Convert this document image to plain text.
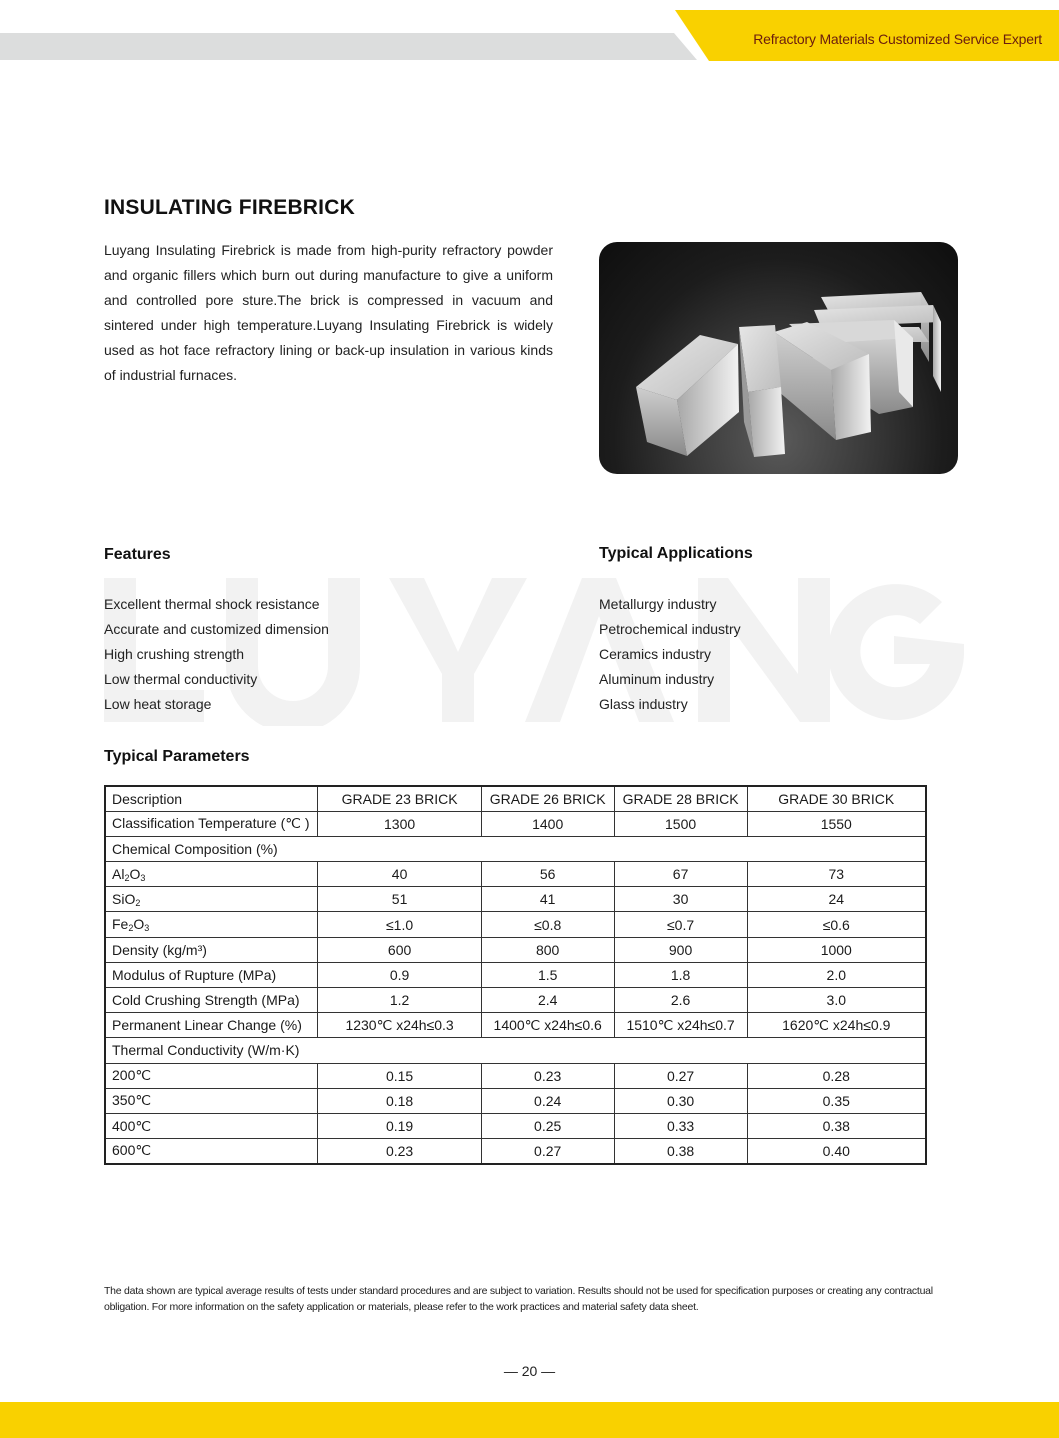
Refractory Materials Customized Service Expert
INSULATING FIREBRICK

Luyang Insulating Firebrick is made from high-purity refractory powder and organic fillers which burn out during manufacture to give a uniform and controlled pore sture.The brick is compressed in vacuum and sintered under high temperature.Luyang Insulating Firebrick is widely used as hot face refractory lining or back-up insulation in various kinds of industrial furnaces.

Features
Excellent thermal shock resistance
Accurate and customized dimension
High crushing strength
Low thermal conductivity
Low heat storage
Typical Applications
Metallurgy industry
Petrochemical industry
Ceramics industry
Aluminum industry
Glass industry
Typical Parameters
Description	GRADE 23 BRICK	GRADE 26 BRICK	GRADE 28 BRICK	GRADE 30 BRICK
Classification Temperature (℃ )	1300	1400	1500	1550
Chemical Composition (%)				
$Al_2O_3$	40	56	67	73
SiO$_2$	51	41	30	24
$Fe_2O_3$	≤1.0	≤0.8	≤0.7	≤0.6
Density (kg/m³)	600	800	900	1000
Modulus of Rupture (MPa)	0.9	1.5	1.8	2.0
Cold Crushing Strength (MPa)	1.2	2.4	2.6	3.0
Permanent Linear Change (%)	1230℃ x24h≤0.3	1400℃ x24h≤0.6	1510℃ x24h≤0.7	1620℃ x24h≤0.9
Thermal Conductivity (W/m·K)				
200℃	0.15	0.23	0.27	0.28
350℃	0.18	0.24	0.30	0.35
400℃	0.19	0.25	0.33	0.38
600℃	0.23	0.27	0.38	0.40

The data shown are typical average results of tests under standard procedures and are subject to variation. Results should not be used for specification purposes or creating any contractual obligation. For more information on the safety application or materials, please refer to the work practices and material safety data sheet.

— 20 —
